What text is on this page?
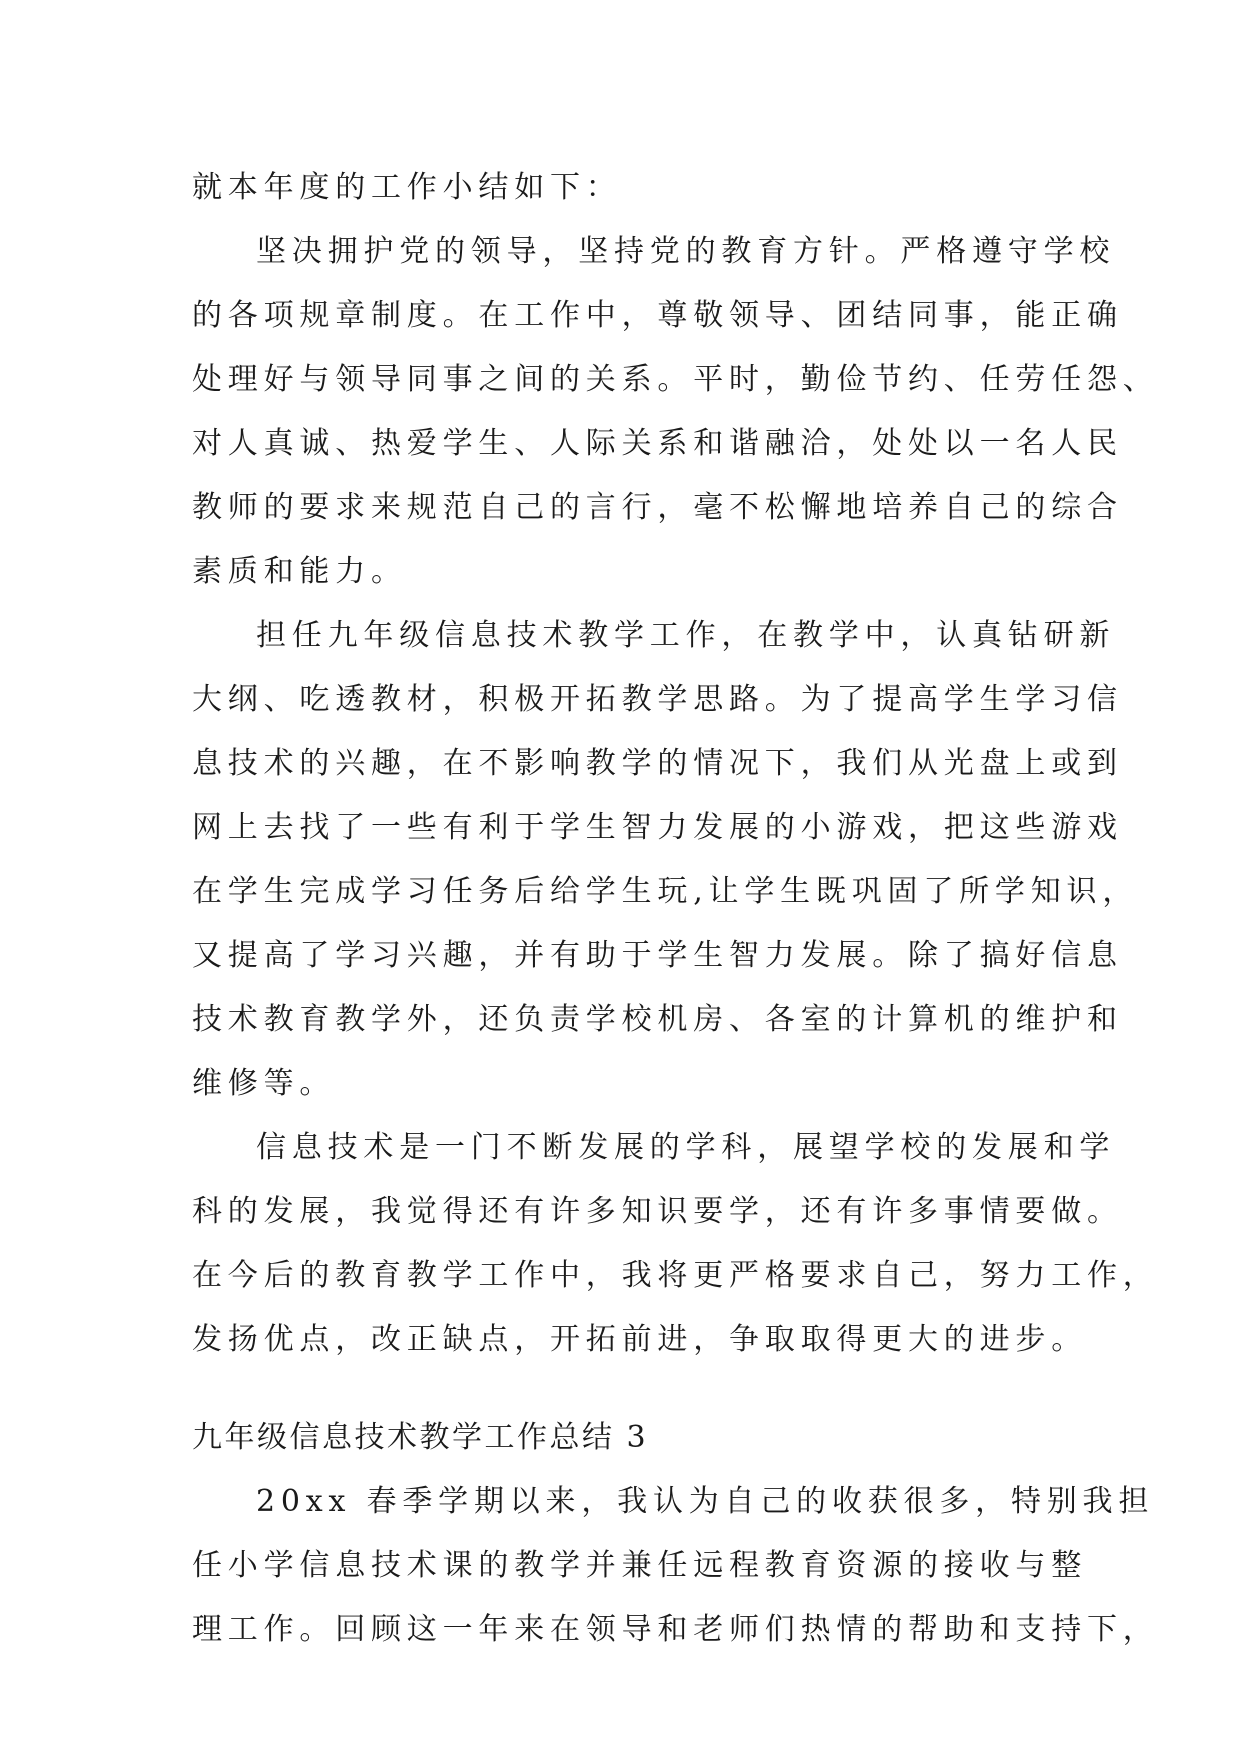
就本年度的工作小结如下：
坚决拥护党的领导，坚持党的教育方针。严格遵守学校
的各项规章制度。在工作中，尊敬领导、团结同事，能正确
处理好与领导同事之间的关系。平时，勤俭节约、任劳任怨、
对人真诚、热爱学生、人际关系和谐融洽，处处以一名人民
教师的要求来规范自己的言行，毫不松懈地培养自己的综合
素质和能力。
担任九年级信息技术教学工作，在教学中，认真钻研新
大纲、吃透教材，积极开拓教学思路。为了提高学生学习信
息技术的兴趣，在不影响教学的情况下，我们从光盘上或到
网上去找了一些有利于学生智力发展的小游戏，把这些游戏
在学生完成学习任务后给学生玩,让学生既巩固了所学知识，
又提高了学习兴趣，并有助于学生智力发展。除了搞好信息
技术教育教学外，还负责学校机房、各室的计算机的维护和
维修等。
信息技术是一门不断发展的学科，展望学校的发展和学
科的发展，我觉得还有许多知识要学，还有许多事情要做。
在今后的教育教学工作中，我将更严格要求自己，努力工作，
发扬优点，改正缺点，开拓前进，争取取得更大的进步。
九年级信息技术教学工作总结 3
20xx 春季学期以来，我认为自己的收获很多，特别我担
任小学信息技术课的教学并兼任远程教育资源的接收与整
理工作。回顾这一年来在领导和老师们热情的帮助和支持下，
